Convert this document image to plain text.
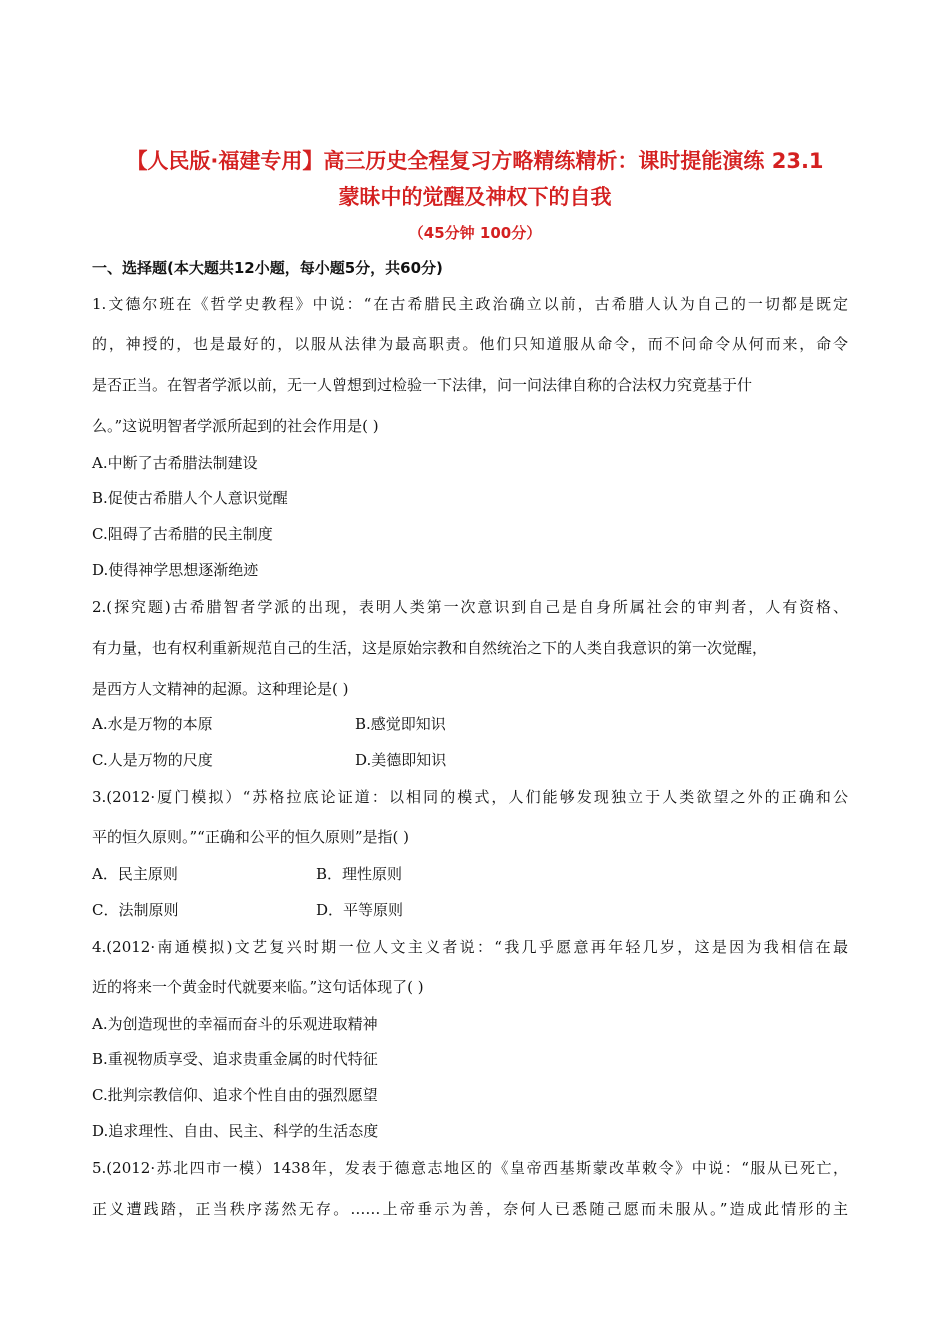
【人民版·福建专用】高三历史全程复习方略精练精析：课时提能演练 23.1
蒙昧中的觉醒及神权下的自我
（45分钟 100分）
一、选择题(本大题共12小题，每小题5分，共60分)
1.文德尔班在《哲学史教程》中说：“在古希腊民主政治确立以前，古希腊人认为自己的一切都是既定
的，神授的，也是最好的，以服从法律为最高职责。他们只知道服从命令，而不问命令从何而来，命令
是否正当。在智者学派以前，无一人曾想到过检验一下法律，问一问法律自称的合法权力究竟基于什
么。”这说明智者学派所起到的社会作用是( )
A.中断了古希腊法制建设
B.促使古希腊人个人意识觉醒
C.阻碍了古希腊的民主制度
D.使得神学思想逐渐绝迹
2.(探究题)古希腊智者学派的出现，表明人类第一次意识到自己是自身所属社会的审判者，人有资格、
有力量，也有权利重新规范自己的生活，这是原始宗教和自然统治之下的人类自我意识的第一次觉醒，
是西方人文精神的起源。这种理论是( )
A.水是万物的本原	B.感觉即知识
C.人是万物的尺度	D.美德即知识
3.(2012·厦门模拟）“苏格拉底论证道：以相同的模式，人们能够发现独立于人类欲望之外的正确和公
平的恒久原则。”“正确和公平的恒久原则”是指( )
A．民主原则	B．理性原则
C．法制原则	D．平等原则
4.(2012·南通模拟)文艺复兴时期一位人文主义者说：“我几乎愿意再年轻几岁，这是因为我相信在最
近的将来一个黄金时代就要来临。”这句话体现了( )
A.为创造现世的幸福而奋斗的乐观进取精神
B.重视物质享受、追求贵重金属的时代特征
C.批判宗教信仰、追求个性自由的强烈愿望
D.追求理性、自由、民主、科学的生活态度
5.(2012·苏北四市一模）1438年，发表于德意志地区的《皇帝西基斯蒙改革敕令》中说：“服从已死亡，
正义遭践踏，正当秩序荡然无存。……上帝垂示为善，奈何人已悉随己愿而未服从。”造成此情形的主
